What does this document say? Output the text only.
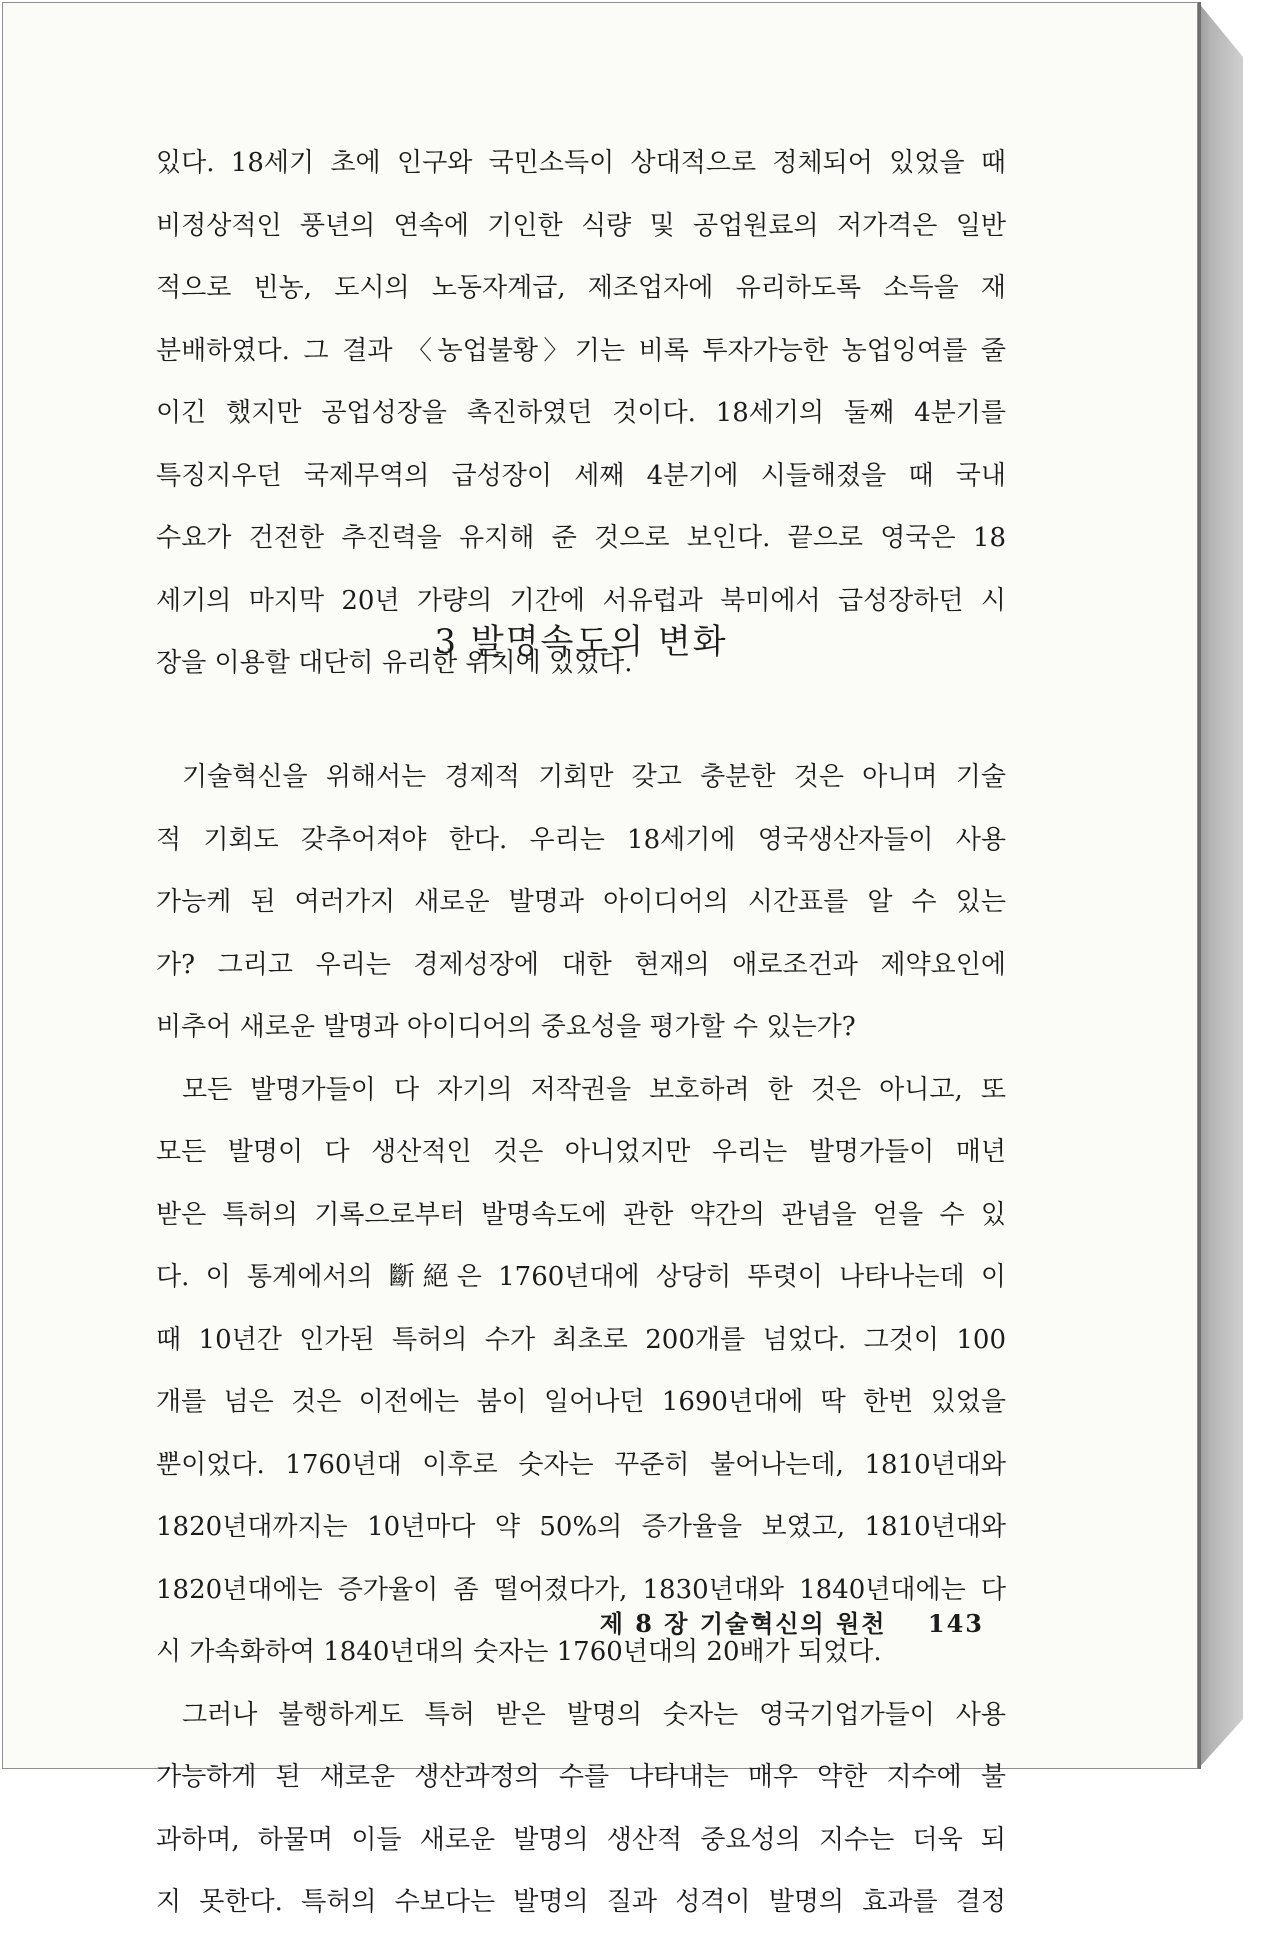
있다. 18세기 초에 인구와 국민소득이 상대적으로 정체되어 있었을 때
비정상적인 풍년의 연속에 기인한 식량 및 공업원료의 저가격은 일반
적으로 빈농, 도시의 노동자계급, 제조업자에 유리하도록 소득을 재
분배하였다. 그 결과 〈농업불황〉기는 비록 투자가능한 농업잉여를 줄
이긴 했지만 공업성장을 촉진하였던 것이다. 18세기의 둘째 4분기를
특징지우던 국제무역의 급성장이 세째 4분기에 시들해졌을 때 국내
수요가 건전한 추진력을 유지해 준 것으로 보인다. 끝으로 영국은 18
세기의 마지막 20년 가량의 기간에 서유럽과 북미에서 급성장하던 시
장을 이용할 대단히 유리한 위치에 있었다.
3 발명속도의 변화
기술혁신을 위해서는 경제적 기회만 갖고 충분한 것은 아니며 기술
적 기회도 갖추어져야 한다. 우리는 18세기에 영국생산자들이 사용
가능케 된 여러가지 새로운 발명과 아이디어의 시간표를 알 수 있는
가? 그리고 우리는 경제성장에 대한 현재의 애로조건과 제약요인에
비추어 새로운 발명과 아이디어의 중요성을 평가할 수 있는가?
모든 발명가들이 다 자기의 저작권을 보호하려 한 것은 아니고, 또
모든 발명이 다 생산적인 것은 아니었지만 우리는 발명가들이 매년
받은 특허의 기록으로부터 발명속도에 관한 약간의 관념을 얻을 수 있
다. 이 통계에서의 斷絕은 1760년대에 상당히 뚜렷이 나타나는데 이
때 10년간 인가된 특허의 수가 최초로 200개를 넘었다. 그것이 100
개를 넘은 것은 이전에는 붐이 일어나던 1690년대에 딱 한번 있었을
뿐이었다. 1760년대 이후로 숫자는 꾸준히 불어나는데, 1810년대와
1820년대까지는 10년마다 약 50%의 증가율을 보였고, 1810년대와
1820년대에는 증가율이 좀 떨어졌다가, 1830년대와 1840년대에는 다
시 가속화하여 1840년대의 숫자는 1760년대의 20배가 되었다.
그러나 불행하게도 특허 받은 발명의 숫자는 영국기업가들이 사용
가능하게 된 새로운 생산과정의 수를 나타내는 매우 약한 지수에 불
과하며, 하물며 이들 새로운 발명의 생산적 중요성의 지수는 더욱 되
지 못한다. 특허의 수보다는 발명의 질과 성격이 발명의 효과를 결정
제 8 장 기술혁신의 원천 143
